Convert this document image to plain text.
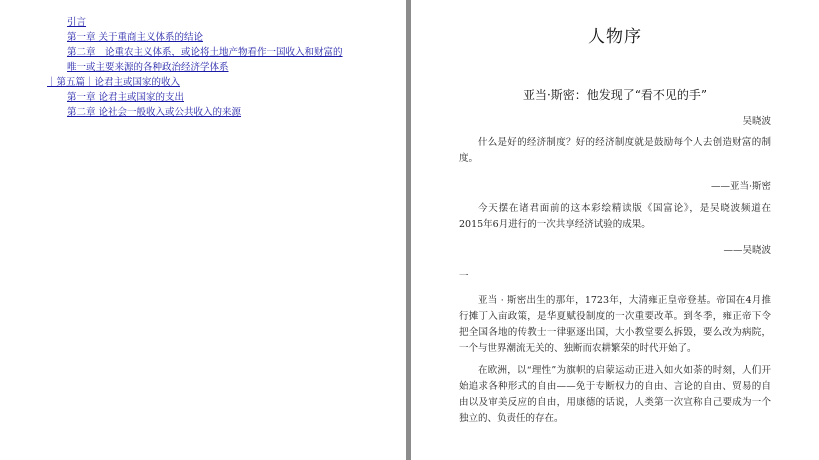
引言
第一章 关于重商主义体系的结论
第二章　论重农主义体系，或论将土地产物看作一国收入和财富的
唯一或主要来源的各种政治经济学体系
｜第五篇｜论君主或国家的收入
第一章 论君主或国家的支出
第二章 论社会一般收入或公共收入的来源
人物序
亚当·斯密：他发现了“看不见的手”
吴晓波

什么是好的经济制度？好的经济制度就是鼓励每个人去创造财富的制度。

——亚当·斯密

今天摆在诸君面前的这本彩绘精读版《国富论》，是吴晓波频道在2015年6月进行的一次共享经济试验的成果。

——吴晓波
一

亚当 · 斯密出生的那年，1723年，大清雍正皇帝登基。帝国在4月推行摊丁入亩政策，是华夏赋役制度的一次重要改革。到冬季，雍正帝下令把全国各地的传教士一律驱逐出国，大小教堂要么拆毁，要么改为病院，一个与世界潮流无关的、独断而农耕繁荣的时代开始了。

在欧洲，以“理性”为旗帜的启蒙运动正进入如火如荼的时刻，人们开始追求各种形式的自由——免于专断权力的自由、言论的自由、贸易的自由以及审美反应的自由，用康德的话说，人类第一次宣称自己要成为一个独立的、负责任的存在。
